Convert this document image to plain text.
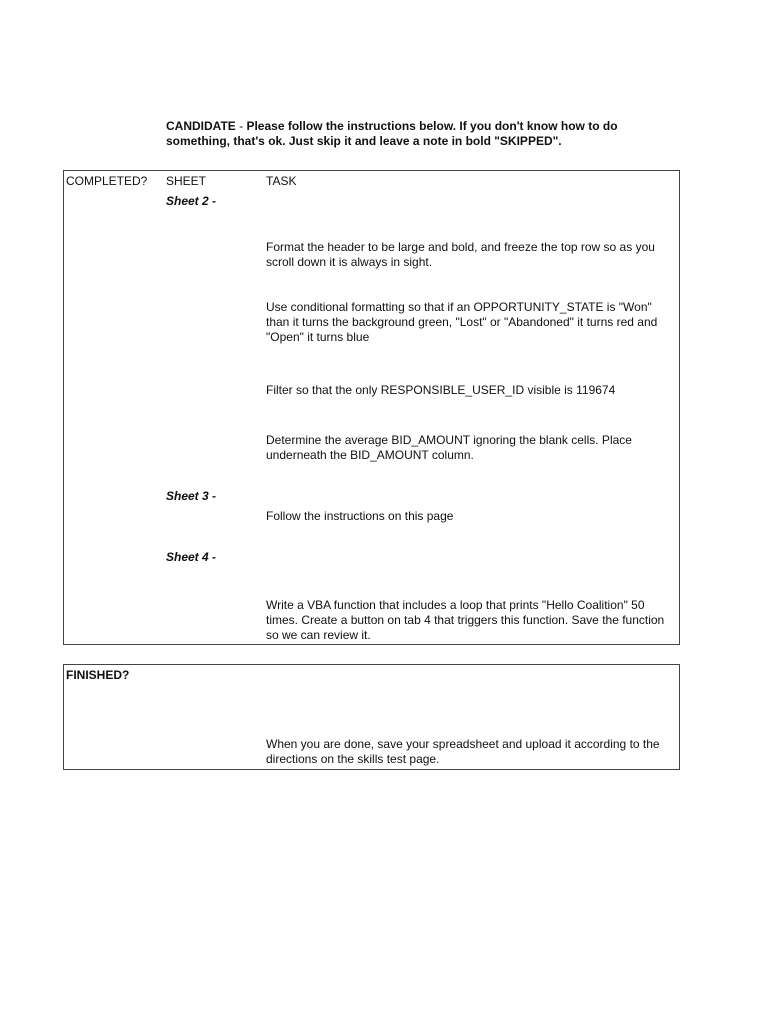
CANDIDATE - Please follow the instructions below. If you don't know how to do something, that's ok. Just skip it and leave a note in bold "SKIPPED".
COMPLETED? SHEET	TASK
Sheet 2 -
Format the header to be large and bold, and freeze the top row so as you scroll down it is always in sight.
Use conditional formatting so that if an OPPORTUNITY_STATE is "Won" than it turns the background green, "Lost" or "Abandoned" it turns red and "Open" it turns blue
Filter so that the only RESPONSIBLE_USER_ID visible is 119674
Determine the average BID_AMOUNT ignoring the blank cells. Place underneath the BID_AMOUNT column.
Sheet 3 -
Follow the instructions on this page
Sheet 4 -
Write a VBA function that includes a loop that prints "Hello Coalition" 50 times. Create a button on tab 4 that triggers this function. Save the function so we can review it.
FINISHED?
When you are done, save your spreadsheet and upload it according to the directions on the skills test page.
